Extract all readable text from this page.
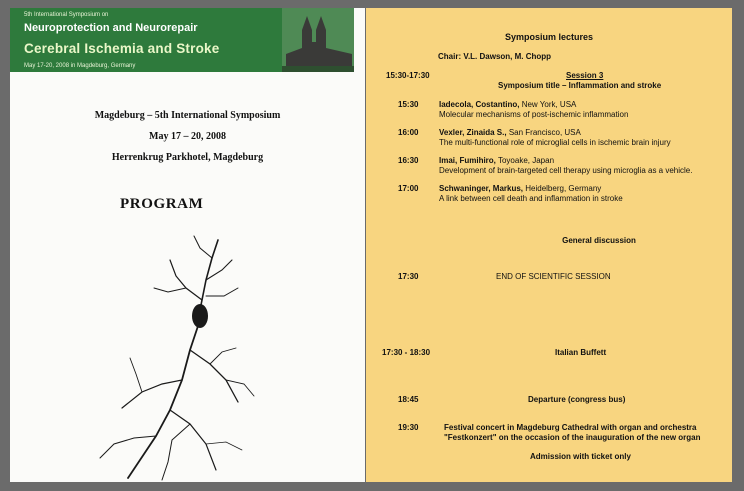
5th International Symposium on
Neuroprotection and Neurorepair
Cerebral Ischemia and Stroke
May 17-20, 2008 in Magdeburg, Germany
Magdeburg – 5th International Symposium
May 17 – 20, 2008
Herrenkrug Parkhotel, Magdeburg
PROGRAM
Symposium lectures
Chair: V.L. Dawson, M. Chopp
15:30-17:30	Session 3
Symposium title – Inflammation and stroke
15:30	Iadecola, Costantino, New York, USA
Molecular mechanisms of post-ischemic inflammation
16:00	Vexler, Zinaida S., San Francisco, USA
The multi-functional role of microglial cells in ischemic brain injury
16:30	Imai, Fumihiro, Toyoake, Japan
Development of brain-targeted cell therapy using microglia as a vehicle.
17:00	Schwaninger, Markus, Heidelberg, Germany
A link between cell death and inflammation in stroke
General discussion
17:30	END OF SCIENTIFIC SESSION
17:30 - 18:30	Italian Buffett
18:45	Departure (congress bus)
19:30	Festival concert in Magdeburg Cathedral with organ and orchestra
"Festkonzert" on the occasion of the inauguration of the new organ
Admission with ticket only
